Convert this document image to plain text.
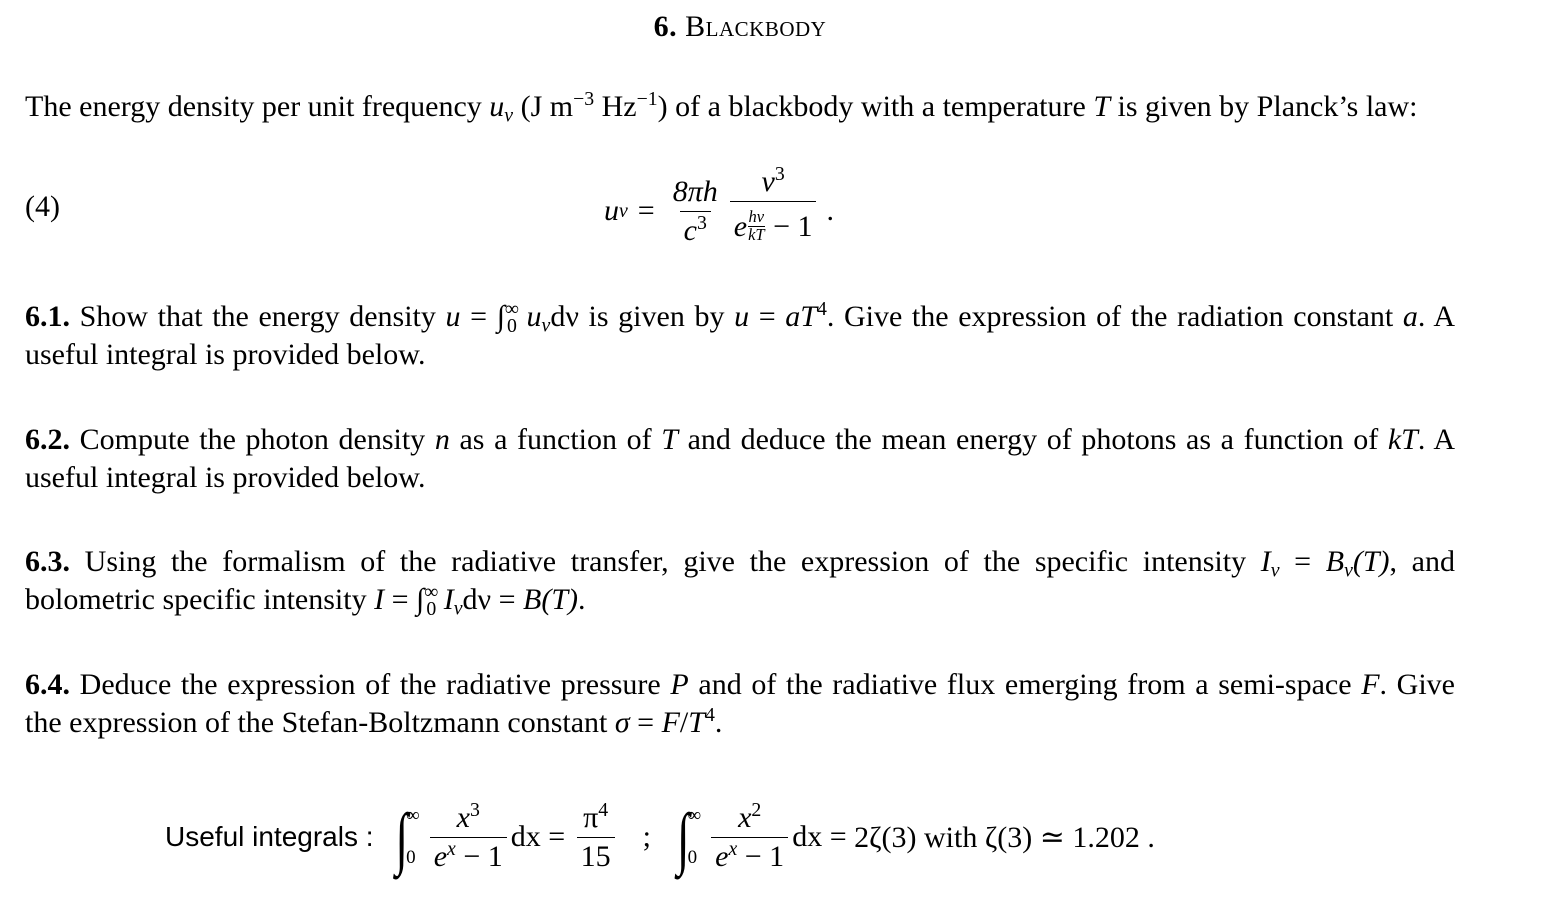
6. Blackbody
The energy density per unit frequency $u_\nu$ (J $m^{-3}$ $Hz^{-1}$) of a blackbody with a temperature T is given by Planck’s law:
(4)	u $\nu = \frac{8\pi h}{c^3} \frac{\nu^3}{e \frac{h\nu}{kT} - 1}$ .
6.1. Show that the energy density $u = \int^\infty_0$ $u_\nu d\nu$ is given by $u = aT^4$. Give the expression of the radiation constant a. A useful integral is provided below.
6.2. Compute the photon density n as a function of T and deduce the mean energy of photons as a function of kT. A useful integral is provided below.
6.3. Using the formalism of the radiative transfer, give the expression of the specific intensity $I_\nu = B_\nu(T)$, and bolometric specific intensity $I = \int^\infty_0$ $I_\nu d\nu = B(T)$.
6.4. Deduce the expression of the radiative pressure P and of the radiative flux emerging from a semi-space F. Give the expression of the Stefan-Boltzmann constant $\sigma = F/T^4$.
Useful integrals : ∫
∞
$0 \frac{x^3}{e^x - 1}$ dx = $\frac{\pi^4}{15}$ ; ∫
∞
$0 \frac{x^2}{e^x - 1}$ dx = 2ζ(3) with ζ(3) ≃ 1.202 .
